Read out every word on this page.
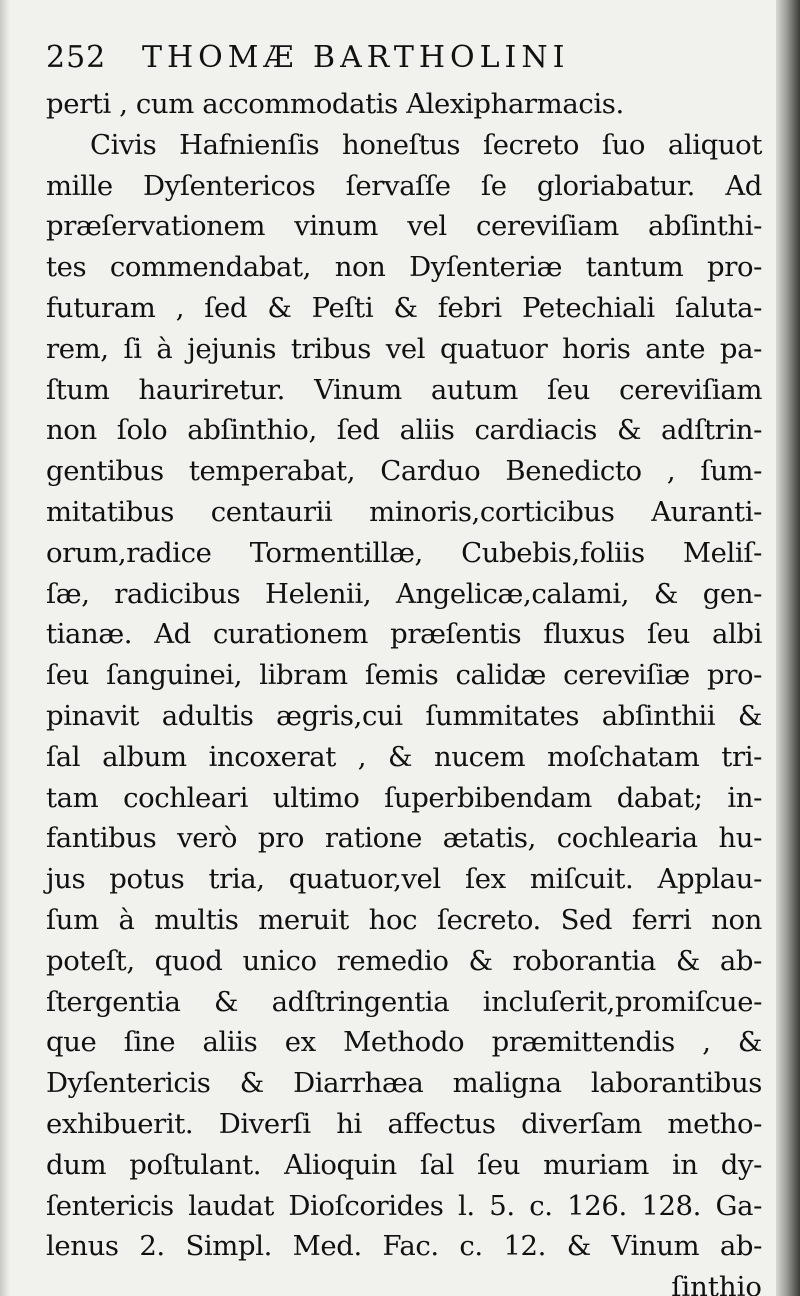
252	THOMÆ BARTHOLINI
perti , cum accommodatis Alexipharmacis.
Civis Hafnienſis honeſtus ſecreto ſuo aliquot
mille Dyſentericos ſervaſſe ſe gloriabatur. Ad
præſervationem vinum vel cereviſiam abſinthi-
tes commendabat, non Dyſenteriæ tantum pro-
futuram , ſed & Peſti & febri Petechiali ſaluta-
rem, ſi à jejunis tribus vel quatuor horis ante pa-
ſtum hauriretur. Vinum autum ſeu cereviſiam
non ſolo abſinthio, ſed aliis cardiacis & adſtrin-
gentibus temperabat, Carduo Benedicto , ſum-
mitatibus centaurii minoris,corticibus Auranti-
orum,radice Tormentillæ, Cubebis,foliis Meliſ-
ſæ, radicibus Helenii, Angelicæ,calami, & gen-
tianæ. Ad curationem præſentis fluxus ſeu albi
ſeu ſanguinei, libram ſemis calidæ cereviſiæ pro-
pinavit adultis ægris,cui ſummitates abſinthii &
ſal album incoxerat , & nucem moſchatam tri-
tam cochleari ultimo ſuperbibendam dabat; in-
fantibus verò pro ratione ætatis, cochlearia hu-
jus potus tria, quatuor,vel ſex miſcuit. Applau-
ſum à multis meruit hoc ſecreto. Sed ferri non
poteſt, quod unico remedio & roborantia & ab-
ſtergentia & adſtringentia incluſerit,promiſcue-
que ſine aliis ex Methodo præmittendis , &
Dyſentericis & Diarrhæa maligna laborantibus
exhibuerit. Diverſi hi affectus diverſam metho-
dum poſtulant. Alioquin ſal ſeu muriam in dy-
ſentericis laudat Dioſcorides l. 5. c. 126. 128. Ga-
lenus 2. Simpl. Med. Fac. c. 12. & Vinum ab-
ſinthio
